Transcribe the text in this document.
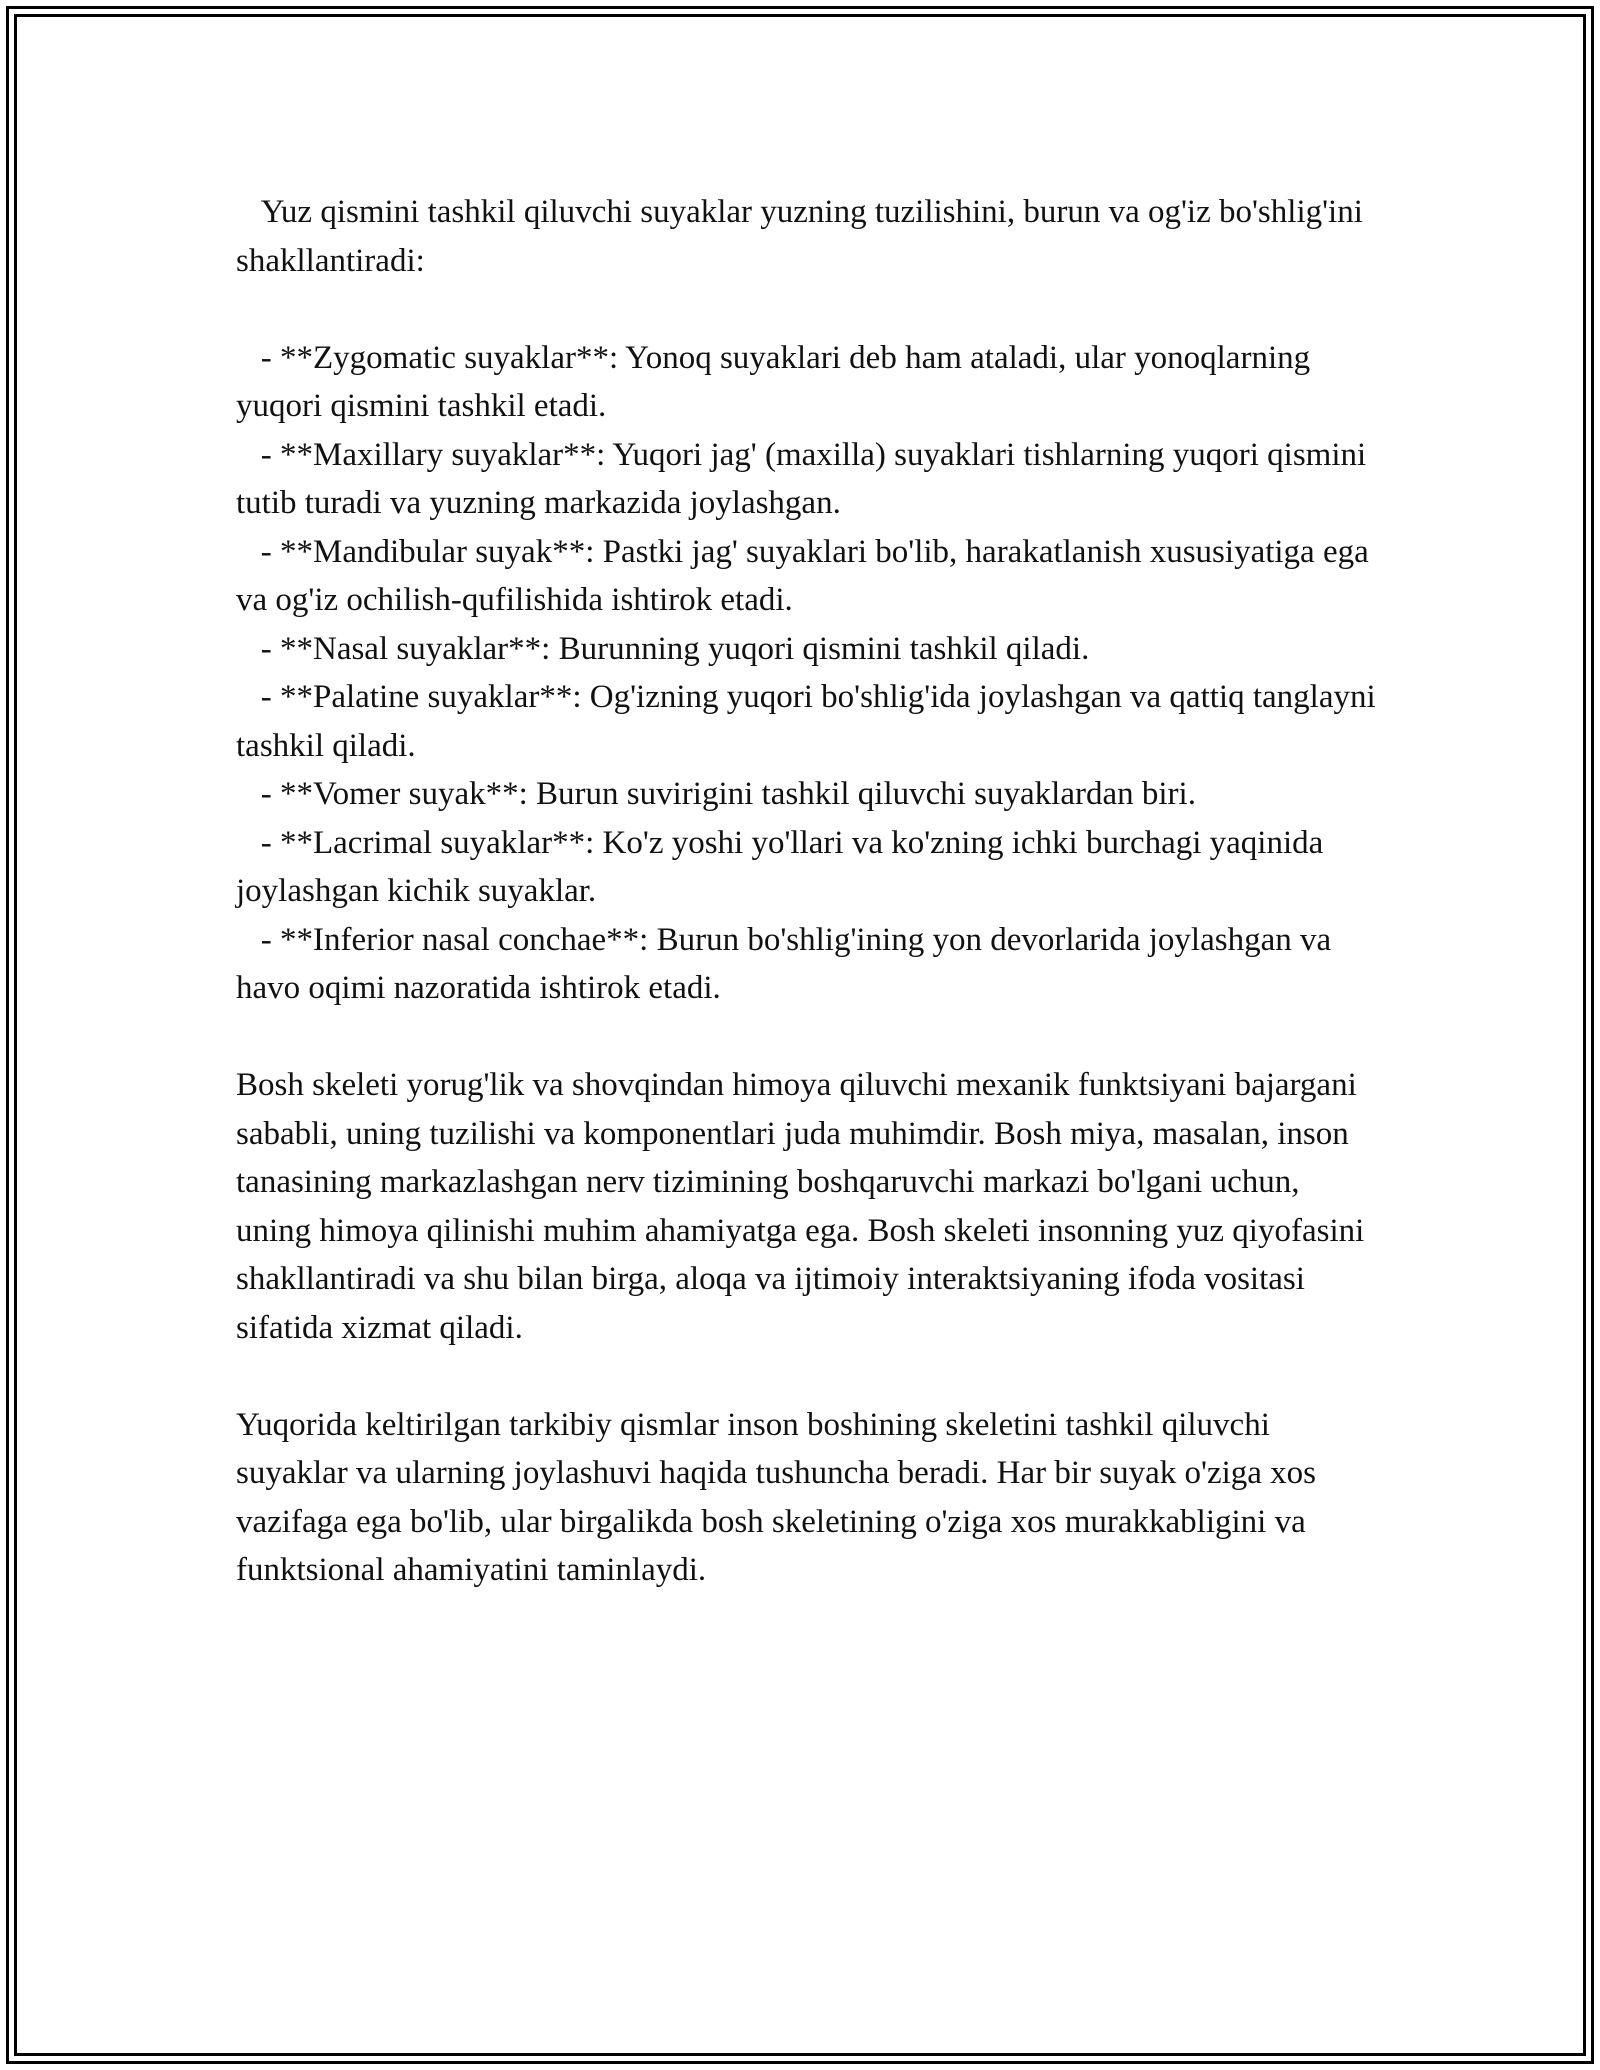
Yuz qismini tashkil qiluvchi suyaklar yuzning tuzilishini, burun va og'iz bo'shlig'ini shakllantiradi:

- **Zygomatic suyaklar**: Yonoq suyaklari deb ham ataladi, ular yonoqlarning yuqori qismini tashkil etadi.

- **Maxillary suyaklar**: Yuqori jag' (maxilla) suyaklari tishlarning yuqori qismini tutib turadi va yuzning markazida joylashgan.

- **Mandibular suyak**: Pastki jag' suyaklari bo'lib, harakatlanish xususiyatiga ega va og'iz ochilish-qufilishida ishtirok etadi.

- **Nasal suyaklar**: Burunning yuqori qismini tashkil qiladi.

- **Palatine suyaklar**: Og'izning yuqori bo'shlig'ida joylashgan va qattiq tanglayni tashkil qiladi.

- **Vomer suyak**: Burun suvirigini tashkil qiluvchi suyaklardan biri.

- **Lacrimal suyaklar**: Ko'z yoshi yo'llari va ko'zning ichki burchagi yaqinida joylashgan kichik suyaklar.

- **Inferior nasal conchae**: Burun bo'shlig'ining yon devorlarida joylashgan va havo oqimi nazoratida ishtirok etadi.

Bosh skeleti yorug'lik va shovqindan himoya qiluvchi mexanik funktsiyani bajargani sababli, uning tuzilishi va komponentlari juda muhimdir. Bosh miya, masalan, inson tanasining markazlashgan nerv tizimining boshqaruvchi markazi bo'lgani uchun, uning himoya qilinishi muhim ahamiyatga ega. Bosh skeleti insonning yuz qiyofasini shakllantiradi va shu bilan birga, aloqa va ijtimoiy interaktsiyaning ifoda vositasi sifatida xizmat qiladi.

Yuqorida keltirilgan tarkibiy qismlar inson boshining skeletini tashkil qiluvchi suyaklar va ularning joylashuvi haqida tushuncha beradi. Har bir suyak o'ziga xos vazifaga ega bo'lib, ular birgalikda bosh skeletining o'ziga xos murakkabligini va funktsional ahamiyatini taminlaydi.
